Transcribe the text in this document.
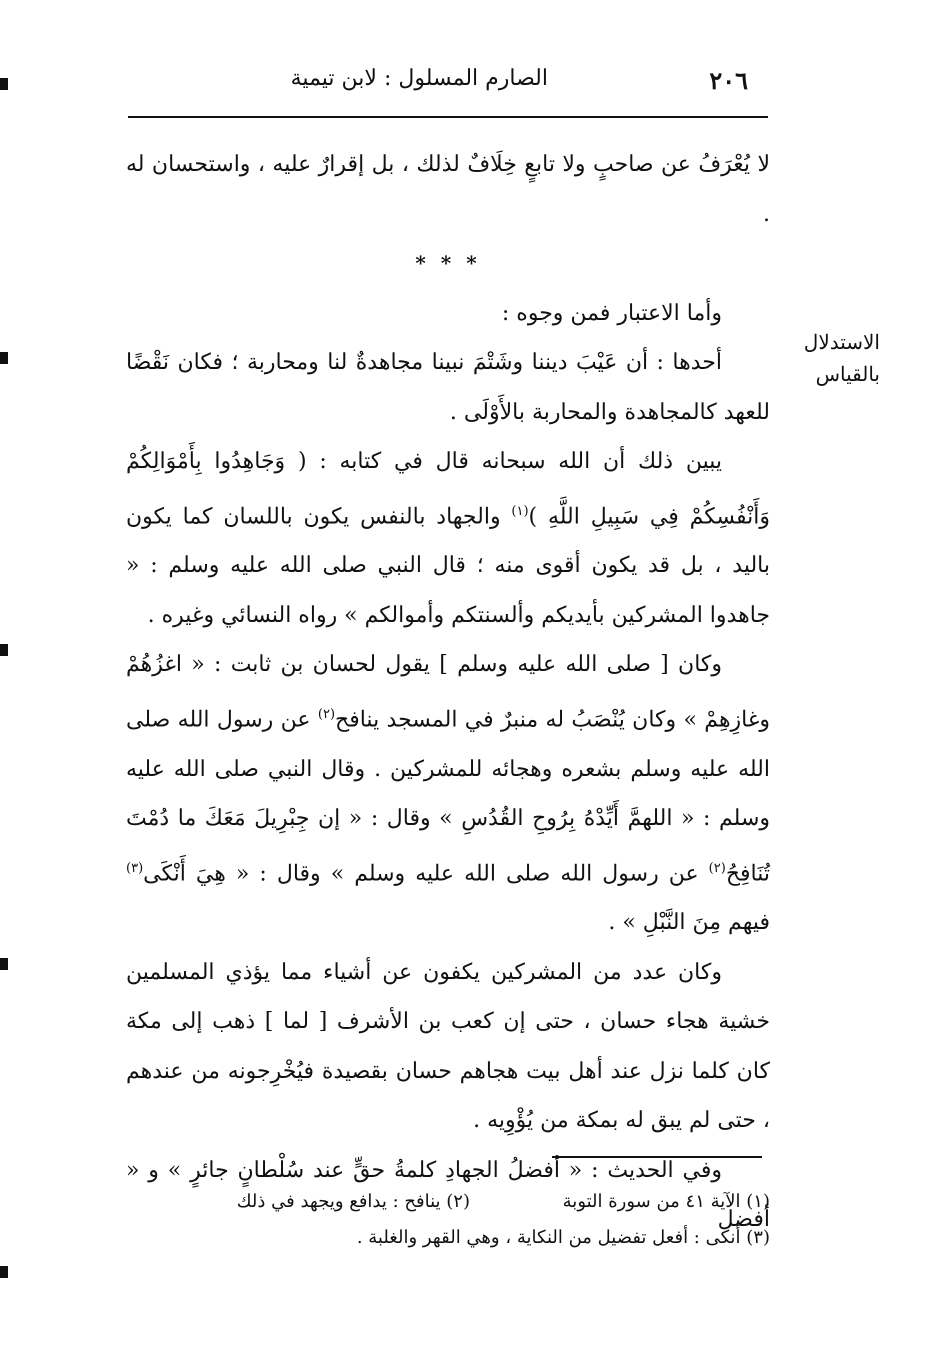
٢٠٦
الصارم المسلول : لابن تيمية
الاستدلال
بالقياس

لا يُعْرَفُ عن صاحبٍ ولا تابعٍ خِلَافٌ لذلك ، بل إقرارٌ عليه ، واستحسان له .

* * *

وأما الاعتبار فمن وجوه :

أحدها : أن عَيْبَ ديننا وشَتْمَ نبينا مجاهدةٌ لنا ومحاربة ؛ فكان نَقْضًا للعهد كالمجاهدة والمحاربة بالأَوْلَى .

يبين ذلك أن الله سبحانه قال في كتابه : ( وَجَاهِدُوا بِأَمْوَالِكُمْ وَأَنْفُسِكُمْ فِي سَبِيلِ اللَّهِ )$^{(١)}$ والجهاد بالنفس يكون باللسان كما يكون باليد ، بل قد يكون أقوى منه ؛ قال النبي صلى الله عليه وسلم : « جاهدوا المشركين بأيديكم وألسنتكم وأموالكم » رواه النسائي وغيره .

وكان [ صلى الله عليه وسلم ] يقول لحسان بن ثابت : « اغزُهُمْ وغازِهِمْ » وكان يُنْصَبُ له منبرٌ في المسجد ينافح$^{(٢)}$ عن رسول الله صلى الله عليه وسلم بشعره وهجائه للمشركين . وقال النبي صلى الله عليه وسلم : « اللهمَّ أَيِّدْهُ بِرُوحِ القُدُسِ » وقال : « إن جِبْرِيلَ مَعَكَ ما دُمْتَ تُنَافِحُ$^{(٢)}$ عن رسول الله صلى الله عليه وسلم » وقال : « هِيَ أَنْكَى$^{(٣)}$ فيهم مِنَ النَّبْلِ » .

وكان عدد من المشركين يكفون عن أشياء مما يؤذي المسلمين خشية هجاء حسان ، حتى إن كعب بن الأشرف [ لما ] ذهب إلى مكة كان كلما نزل عند أهل بيت هجاهم حسان بقصيدة فيُخْرِجونه من عندهم ، حتى لم يبق له بمكة من يُؤْوِيه .

وفي الحديث : « أفضلُ الجهادِ كلمةُ حقٍّ عند سُلْطانٍ جائرٍ » و « أفضل

(١) الآية ٤١ من سورة التوبة
(٢) ينافح : يدافع ويجهد في ذلك
(٣) أنكى : أفعل تفضيل من النكاية ، وهي القهر والغلبة .
